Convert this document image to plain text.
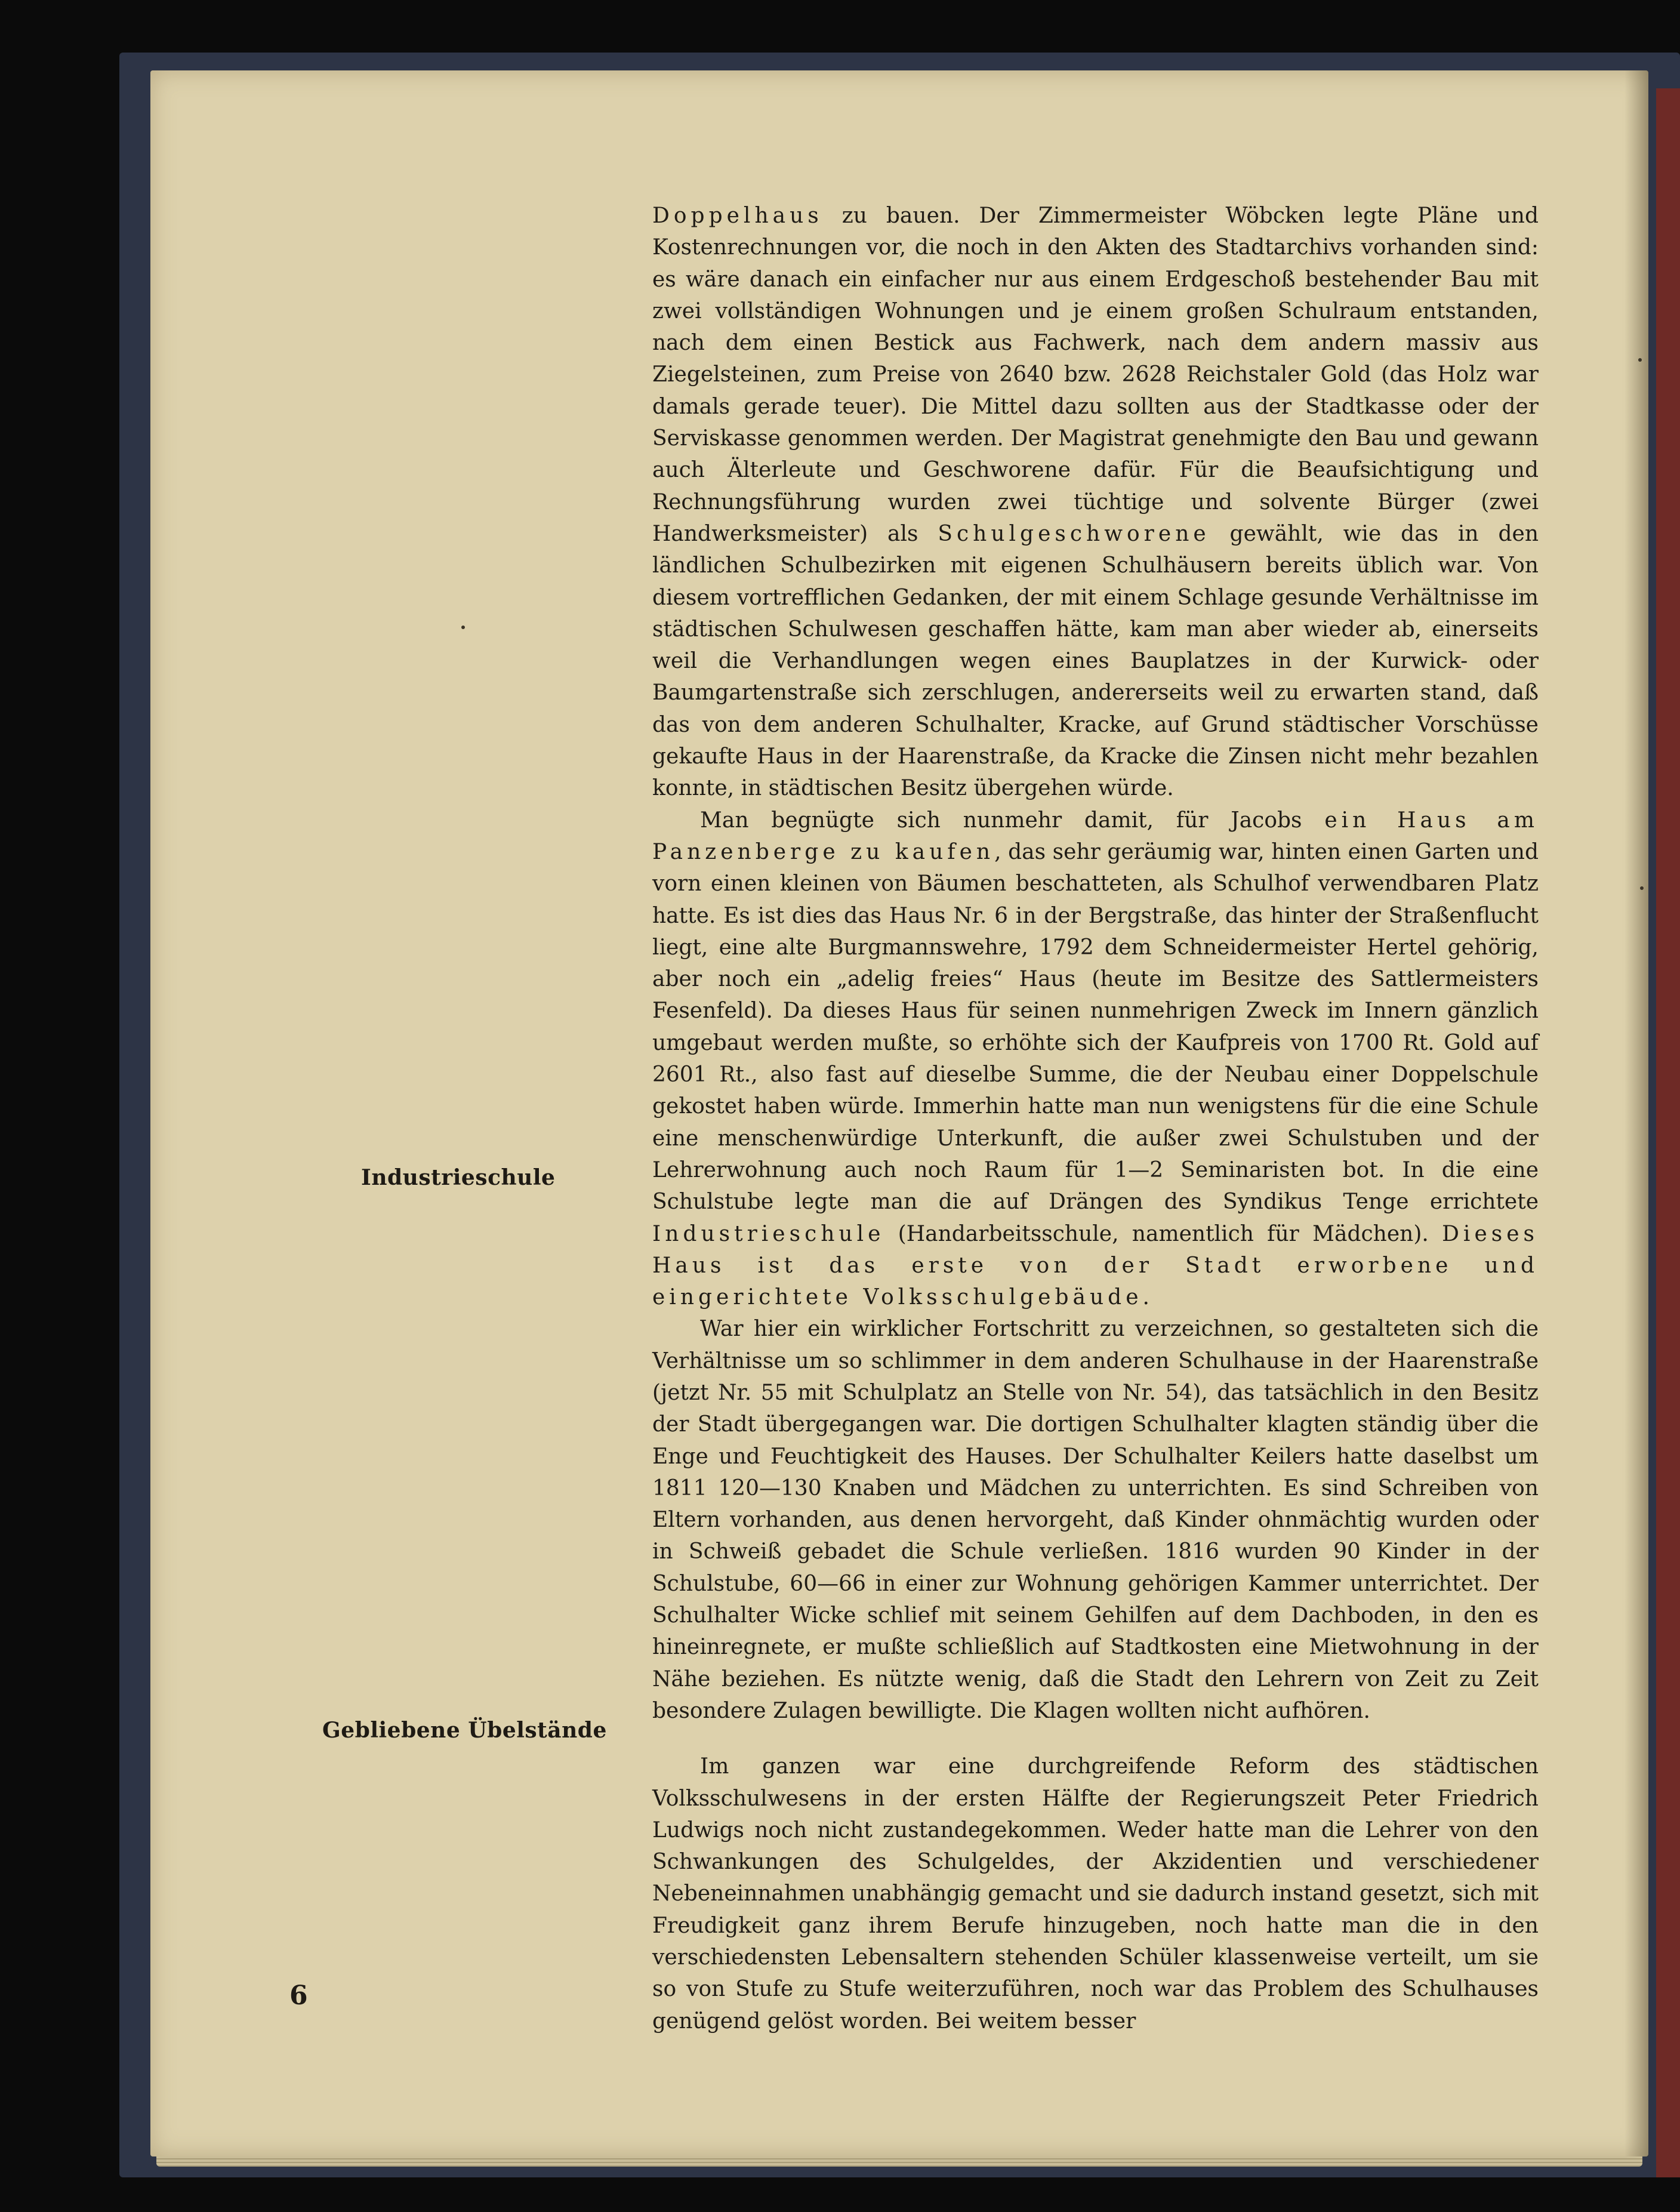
Industrieschule
Gebliebene Übelstände

Doppelhaus zu bauen. Der Zimmermeister Wöbcken legte Pläne und Kostenrechnungen vor, die noch in den Akten des Stadtarchivs vorhanden sind: es wäre danach ein einfacher nur aus einem Erdgeschoß bestehender Bau mit zwei vollständigen Wohnungen und je einem großen Schulraum entstanden, nach dem einen Bestick aus Fachwerk, nach dem andern massiv aus Ziegelsteinen, zum Preise von 2640 bzw. 2628 Reichstaler Gold (das Holz war damals gerade teuer). Die Mittel dazu sollten aus der Stadtkasse oder der Serviskasse genommen werden. Der Magistrat genehmigte den Bau und gewann auch Älterleute und Geschworene dafür. Für die Beaufsichtigung und Rechnungsführung wurden zwei tüchtige und solvente Bürger (zwei Handwerksmeister) als Schulgeschworene gewählt, wie das in den ländlichen Schulbezirken mit eigenen Schulhäusern bereits üblich war. Von diesem vortrefflichen Gedanken, der mit einem Schlage gesunde Verhältnisse im städtischen Schulwesen geschaffen hätte, kam man aber wieder ab, einerseits weil die Verhandlungen wegen eines Bauplatzes in der Kurwick- oder Baumgartenstraße sich zerschlugen, andererseits weil zu erwarten stand, daß das von dem anderen Schulhalter, Kracke, auf Grund städtischer Vorschüsse gekaufte Haus in der Haarenstraße, da Kracke die Zinsen nicht mehr bezahlen konnte, in städtischen Besitz übergehen würde.

Man begnügte sich nunmehr damit, für Jacobs ein Haus am Panzenberge zu kaufen, das sehr geräumig war, hinten einen Garten und vorn einen kleinen von Bäumen beschatteten, als Schulhof verwendbaren Platz hatte. Es ist dies das Haus Nr. 6 in der Bergstraße, das hinter der Straßenflucht liegt, eine alte Burgmannswehre, 1792 dem Schneidermeister Hertel gehörig, aber noch ein „adelig freies“ Haus (heute im Besitze des Sattlermeisters Fesenfeld). Da dieses Haus für seinen nunmehrigen Zweck im Innern gänzlich umgebaut werden mußte, so erhöhte sich der Kaufpreis von 1700 Rt. Gold auf 2601 Rt., also fast auf dieselbe Summe, die der Neubau einer Doppelschule gekostet haben würde. Immerhin hatte man nun wenigstens für die eine Schule eine menschenwürdige Unterkunft, die außer zwei Schulstuben und der Lehrerwohnung auch noch Raum für 1—2 Seminaristen bot. In die eine Schulstube legte man die auf Drängen des Syndikus Tenge errichtete Industrieschule (Handarbeitsschule, namentlich für Mädchen). Dieses Haus ist das erste von der Stadt erworbene und eingerichtete Volksschulgebäude.

War hier ein wirklicher Fortschritt zu verzeichnen, so gestalteten sich die Verhältnisse um so schlimmer in dem anderen Schulhause in der Haarenstraße (jetzt Nr. 55 mit Schulplatz an Stelle von Nr. 54), das tatsächlich in den Besitz der Stadt übergegangen war. Die dortigen Schulhalter klagten ständig über die Enge und Feuchtigkeit des Hauses. Der Schulhalter Keilers hatte daselbst um 1811 120—130 Knaben und Mädchen zu unterrichten. Es sind Schreiben von Eltern vorhanden, aus denen hervorgeht, daß Kinder ohnmächtig wurden oder in Schweiß gebadet die Schule verließen. 1816 wurden 90 Kinder in der Schulstube, 60—66 in einer zur Wohnung gehörigen Kammer unterrichtet. Der Schulhalter Wicke schlief mit seinem Gehilfen auf dem Dachboden, in den es hineinregnete, er mußte schließlich auf Stadtkosten eine Mietwohnung in der Nähe beziehen. Es nützte wenig, daß die Stadt den Lehrern von Zeit zu Zeit besondere Zulagen bewilligte. Die Klagen wollten nicht aufhören.

Im ganzen war eine durchgreifende Reform des städtischen Volksschulwesens in der ersten Hälfte der Regierungszeit Peter Friedrich Ludwigs noch nicht zustandegekommen. Weder hatte man die Lehrer von den Schwankungen des Schulgeldes, der Akzidentien und verschiedener Nebeneinnahmen unabhängig gemacht und sie dadurch instand gesetzt, sich mit Freudigkeit ganz ihrem Berufe hinzugeben, noch hatte man die in den verschiedensten Lebensaltern stehenden Schüler klassenweise verteilt, um sie so von Stufe zu Stufe weiterzuführen, noch war das Problem des Schulhauses genügend gelöst worden. Bei weitem besser

6
